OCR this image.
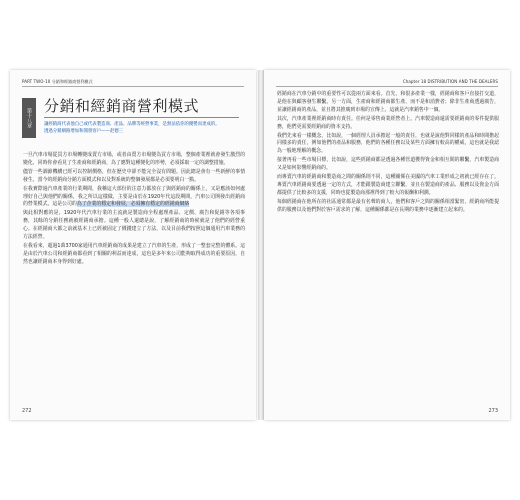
PART TWO-10 分銷和經銷商營利模式
第十八章
分銷和經銷商營利模式
讓經銷商代表他自己或代表製造商、產品、品牌等經營事業，是無法依你的優勢而達成的。
透過分銷網路增加和開發客戶——赵德三

一旦汽車市場從買方市場轉變成賣方市場，或者由賣方市場變為買方市場，整個產業裡就會發生激烈的變化，同時你會看見了生產商和經銷商，為了應對這種變化的形勢，必須採取一定的調整措施。

儘管一些調節機構已經可以控制價格，但在歷史中卻不能完全沒有問題。因此總是會有一些新鮮的事情發生，當今的經銷商分銷方面模式和以及對系統的整個發展都是必須要明白一點。

在我實際過汽車產業的行業期間，我稱這大部份的注意力都放在了與經銷商的關係上，又是應該如何處理好自己與他們的關係，我之所以這樣做，主要是由於在1920年代這段期間，汽車公司開發出經銷商的營業模式，這是公司的為了企業的穩定和發展，必須擁有穩定的經銷商網絡

與此相對應的是，1920年代汽車行業的主流就是製造商全程處理產品、定價、廣告和促銷等各項事務，其餘的分銷任務就被經銷商承擔。這種一般人還總是說，了解經銷商的時候就是了他們的經營重心。在經銷商大都之前就基本上已經被固定了價錢建立了方法，以及目前我們按照這個通用汽車業務的方法經營。

在我看來，超過1萬3700家通用汽車經銷商的成果是建立了汽車的生產，形成了一整套完整的體系。這是由於汽車公司和經銷商都看到了相關的利益而達成，這也是多年來公司能夠取得成功的重要原因，自然也讓經銷商本身得到好處。

272
Chapter 18 DISTRIBUTION AND THE DEALERS

經銷商在汽車分銷中的重要性可以從兩方面來看。首先，和很多產業一樣，經銷商和客戶直接打交道，是他在與顧客發生聯繫。另一方面，生產商和經銷商都生產，而不是和消費者；除非生產商透過廣告，並讓經銷商的產品，並且將其推廣到市場的宣傳上，這就是汽車銷售中一個。

其次，汽車產業裡經銷商時有責任。任何是零售商業經營者上。汽車製造商還需要經銷商的零件提供服務，他們更需要經銷商的資本支持。

我們先來看一樣概念，比如說，一個經理人員承擔起一般的責任，也就是說他對同樣的產品和時間擔起同樣多的責任，例如他們的產品和服務，他們的各種任務以及某些方面擁有較高的權威，這也就是我認為一般地理解的概念。

接著再看一些市場目標，比如說，這些經銷商都是透過各種管道獲得資金和相互間的聯繫，汽車製造商又是如何影響經銷商的。

而專賣汽車的經銷商和製造商之間的關係則不同，這種關係在美國的汽車工業形成之初就已經存在了。專賣汽車經銷商要透過一定的方式，才能跟製造商建立聯繫，並且在製造商的產品、服務以及資金方面都提供了比較多的支援，同時也從製造商那裡得到了較大的報酬和利潤。

每個經銷商在他所在的社區通常都是最有名聲的商人，他們和客戶之間的關係相當緊密，經銷商所能提供的服務以及他們對於客戶需求的了解，這種關係都是在長期的業務中逐漸建立起來的。

273
